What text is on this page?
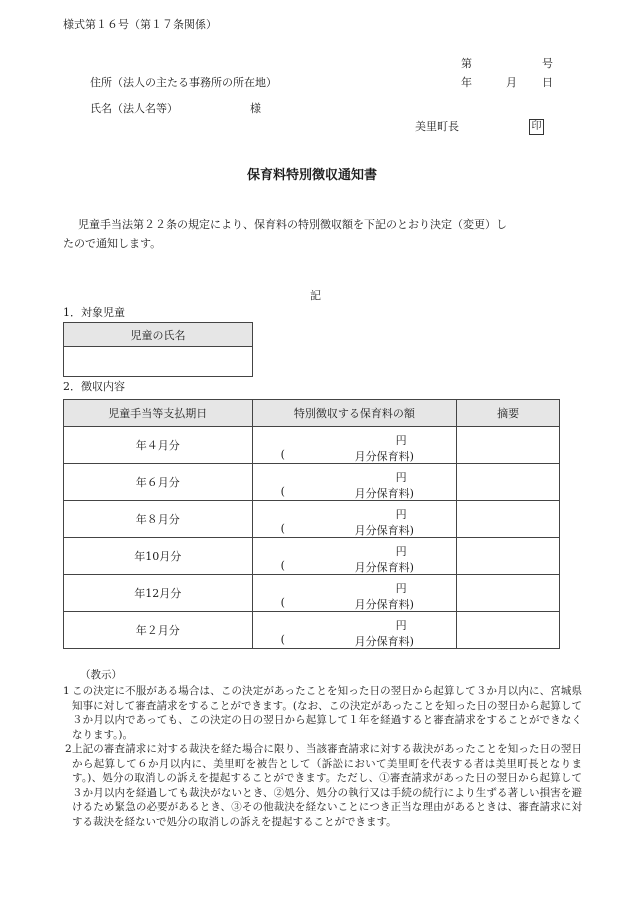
様式第１６号（第１７条関係）
第	号
住所（法人の主たる事務所の所在地）	年	月 日
氏名（法人名等）	様
美里町長	印
保育料特別徴収通知書
児童手当法第２２条の規定により、保育料の特別徴収額を下記のとおり決定（変更）し
たので通知します。
記
1．対象児童
児童の氏名

2．徴収内容
児童手当等支払期日	特別徴収する保育料の額	摘要
年４月分	円
( 月分保育料)	

年６月分	円
( 月分保育料)	

年８月分	円
( 月分保育料)	

年10月分	円
( 月分保育料)	

年12月分	円
( 月分保育料)	

年２月分	円
( 月分保育料)	

（教示）
1 この決定に不服がある場合は、この決定があったことを知った日の翌日から起算して３か月以内に、宮城県知事に対して審査請求をすることができます。(なお、この決定があったことを知った日の翌日から起算して３か月以内であっても、この決定の日の翌日から起算して１年を経過すると審査請求をすることができなくなります。)。
2 上記の審査請求に対する裁決を経た場合に限り、当該審査請求に対する裁決があったことを知った日の翌日から起算して６か月以内に、美里町を被告として（訴訟において美里町を代表する者は美里町長となります。)、処分の取消しの訴えを提起することができます。ただし、①審査請求があった日の翌日から起算して３か月以内を経過しても裁決がないとき、②処分、処分の執行又は手続の続行により生ずる著しい損害を避けるため緊急の必要があるとき、③その他裁決を経ないことにつき正当な理由があるときは、審査請求に対する裁決を経ないで処分の取消しの訴えを提起することができます。
